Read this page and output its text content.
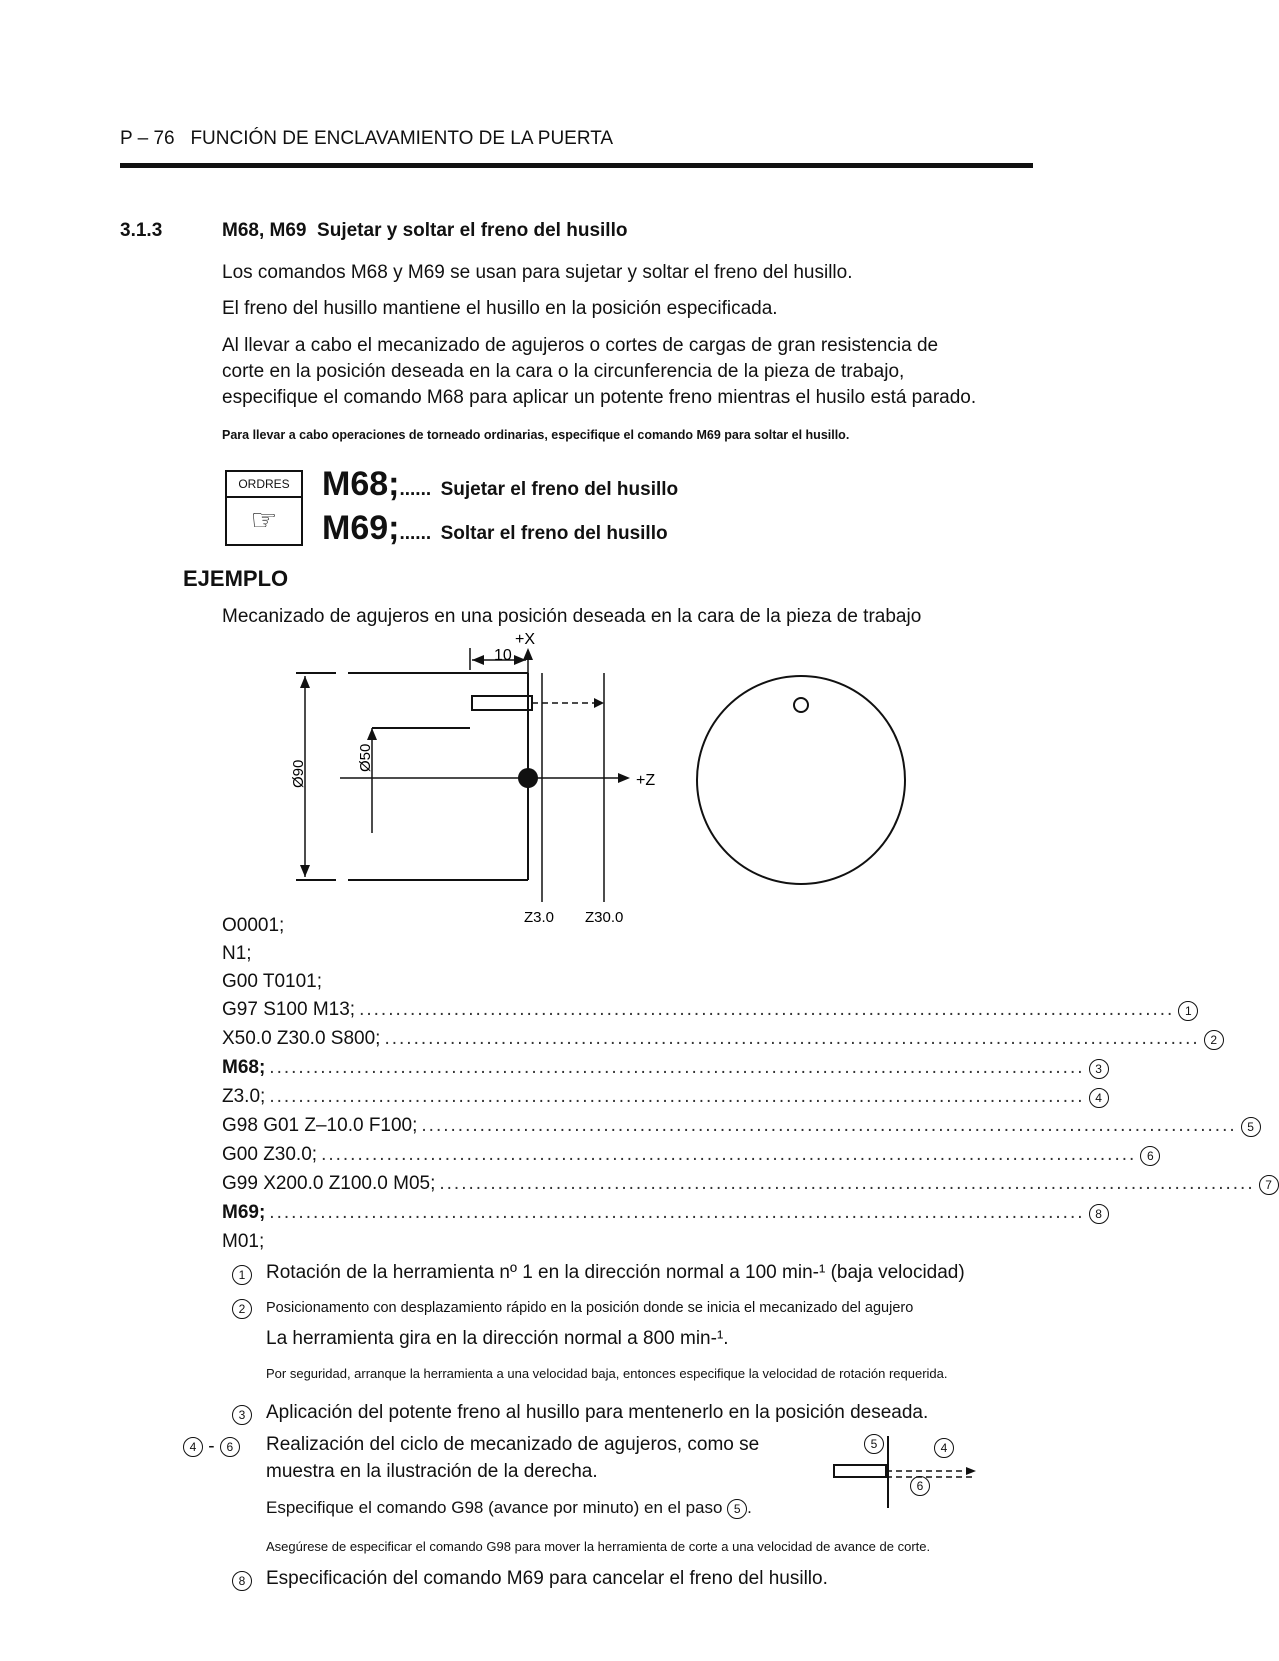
P – 76 FUNCIÓN DE ENCLAVAMIENTO DE LA PUERTA
3.1.3	M68, M69 Sujetar y soltar el freno del husillo
Los comandos M68 y M69 se usan para sujetar y soltar el freno del husillo.
El freno del husillo mantiene el husillo en la posición especificada.
Al llevar a cabo el mecanizado de agujeros o cortes de cargas de gran resistencia de
corte en la posición deseada en la cara o la circunferencia de la pieza de trabajo,
especifique el comando M68 para aplicar un potente freno mientras el husilo está parado.
Para llevar a cabo operaciones de torneado ordinarias, especifique el comando M69 para soltar el husillo.
ORDRES
☞
M68;...... Sujetar el freno del husillo
M69;...... Soltar el freno del husillo
EJEMPLO
Mecanizado de agujeros en una posición deseada en la cara de la pieza de trabajo
+X
10
+Z
Ø90
Ø50
Z3.0 Z30.0
O0001;
N1;
G00 T0101;
G97 S100 M13; ................................................................................................................ 1
X50.0 Z30.0 S800; ................................................................................................................ 2
M68; ................................................................................................................ 3
Z3.0; ................................................................................................................ 4
G98 G01 Z–10.0 F100; ................................................................................................................ 5
G00 Z30.0; ................................................................................................................ 6
G99 X200.0 Z100.0 M05; ................................................................................................................ 7
M69; ................................................................................................................ 8
M01;
1	Rotación de la herramienta nº 1 en la dirección normal a 100 min-¹ (baja velocidad)
2	Posicionamento con desplazamiento rápido en la posición donde se inicia el mecanizado del agujero
La herramienta gira en la dirección normal a 800 min-¹.
Por seguridad, arranque la herramienta a una velocidad baja, entonces especifique la velocidad de rotación requerida.
3	Aplicación del potente freno al husillo para mentenerlo en la posición deseada.
4 - 6	Realización del ciclo de mecanizado de agujeros, como se
muestra en la ilustración de la derecha.
Especifique el comando G98 (avance por minuto) en el paso 5 .
Asegúrese de especificar el comando G98 para mover la herramienta de corte a una velocidad de avance de corte.
5	4
6
8	Especificación del comando M69 para cancelar el freno del husillo.
